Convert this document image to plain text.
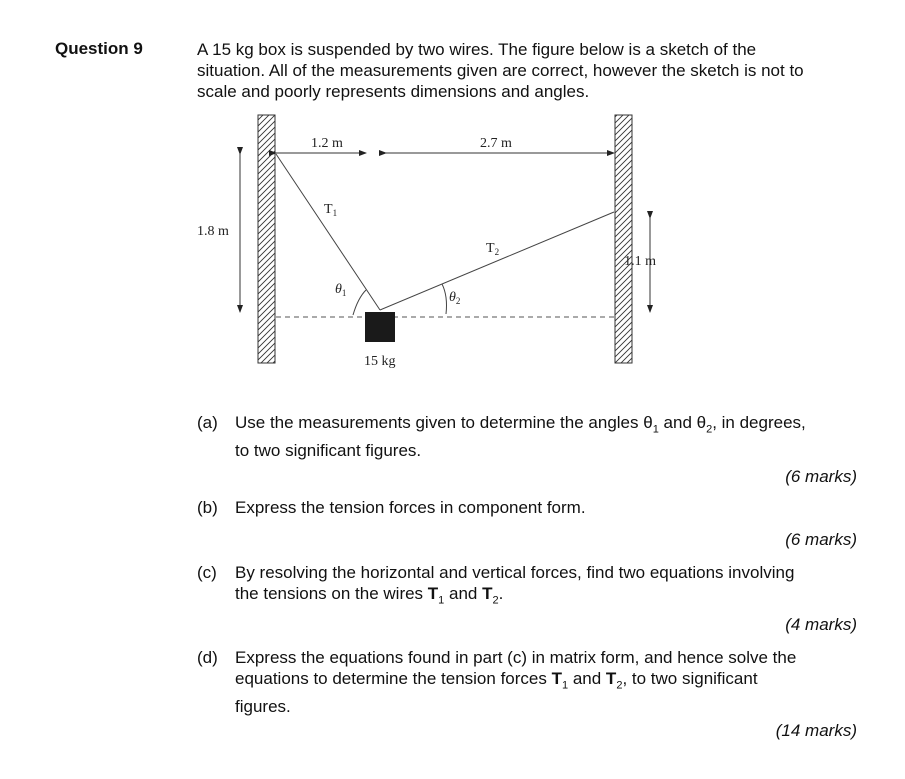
Question 9	A 15 kg box is suspended by two wires. The figure below is a sketch of the
situation. All of the measurements given are correct, however the sketch is not to
scale and poorly represents dimensions and angles.
1.2 m	2.7 m
1.8 m
1.1 m
15 kg
$T_1$
$T_2$
$\theta_1$	$\theta_2$
(a) Use the measurements given to determine the angles $\theta_1$ and $\theta_2$, in degrees,
to two significant figures.
(6 marks)
(b) Express the tension forces in component form.
(6 marks)
(c) By resolving the horizontal and vertical forces, find two equations involving
the tensions on the wires $T_1$ and $T_2$.
(4 marks)
(d) Express the equations found in part (c) in matrix form, and hence solve the
equations to determine the tension forces $T_1$ and $T_2$, to two significant
figures.
(14 marks)
